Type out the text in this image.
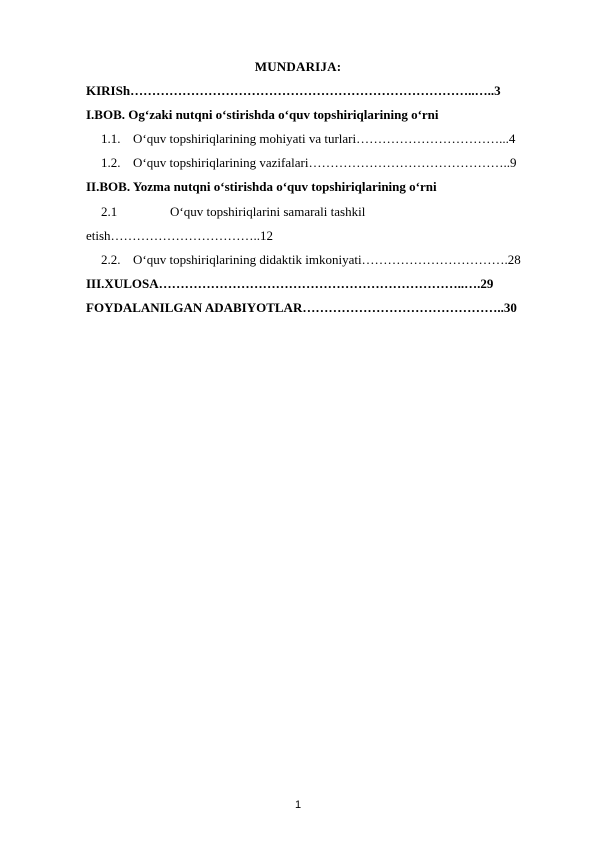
MUNDARIJA:
KIRISh……………………………………………………………………..…..3
I.BOB. Og‘zaki nutqni o‘stirishda o‘quv topshiriqlarining o‘rni
1.1. O‘quv topshiriqlarining mohiyati va turlari……………………………...4
1.2. O‘quv topshiriqlarining vazifalari………………………………………..9
II.BOB. Yozma nutqni o‘stirishda o‘quv topshiriqlarining o‘rni
2.1	O‘quv topshiriqlarini samarali tashkil
etish……………………………..12
2.2. O‘quv topshiriqlarining didaktik imkoniyati…………………………….28
III.XULOSA……………………………………………………………..….29
FOYDALANILGAN ADABIYOTLAR………………………………………..30
1
